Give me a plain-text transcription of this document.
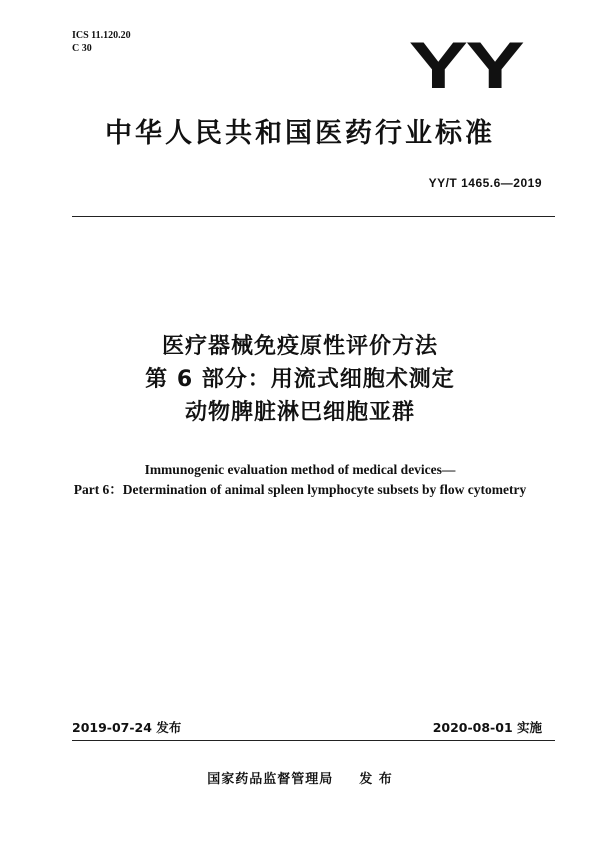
ICS 11.120.20
C 30	YY
中华人民共和国医药行业标准
YY/T 1465.6—2019
医疗器械免疫原性评价方法
第 6 部分：用流式细胞术测定
动物脾脏淋巴细胞亚群
Immunogenic evaluation method of medical devices—
Part 6：Determination of animal spleen lymphocyte subsets by flow cytometry
2019-07-24 发布	2020-08-01 实施
国家药品监督管理局 发 布
